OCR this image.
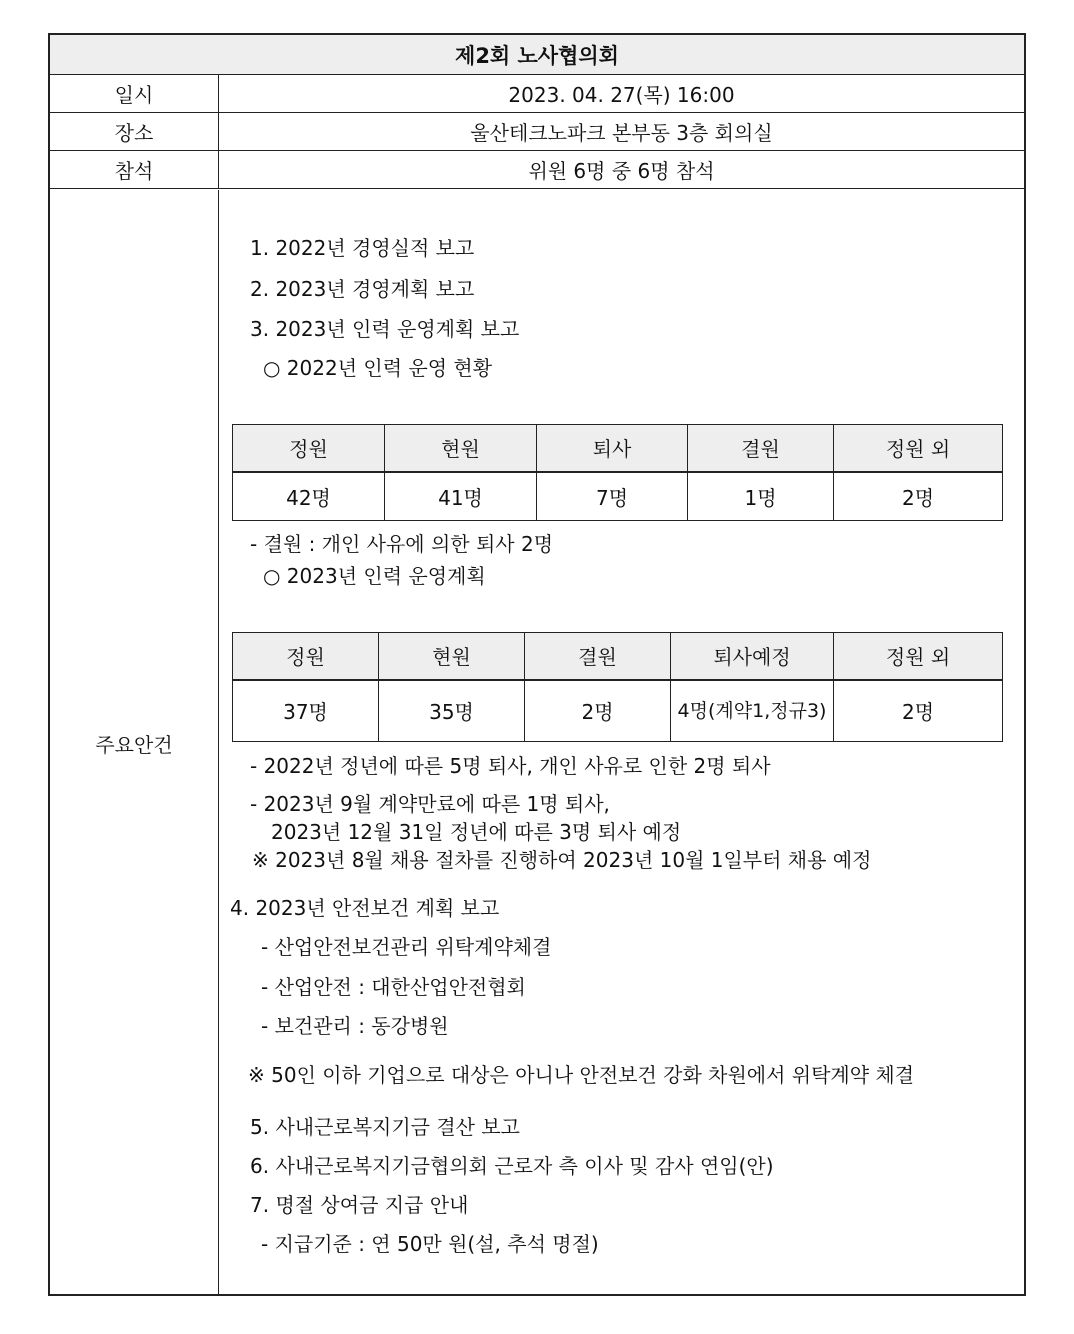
제2회 노사협의회
일시	2023. 04. 27(목) 16:00
장소	울산테크노파크 본부동 3층 회의실
참석	위원 6명 중 6명 참석
주요안건
1. 2022년 경영실적 보고
2. 2023년 경영계획 보고
3. 2023년 인력 운영계획 보고
○ 2022년 인력 운영 현황
정원	현원	퇴사	결원	정원 외
42명	41명	7명	1명	2명
- 결원 : 개인 사유에 의한 퇴사 2명
○ 2023년 인력 운영계획
정원	현원	결원	퇴사예정	정원 외
37명	35명	2명	4명(계약1,정규3)	2명
- 2022년 정년에 따른 5명 퇴사, 개인 사유로 인한 2명 퇴사
- 2023년 9월 계약만료에 따른 1명 퇴사,
2023년 12월 31일 정년에 따른 3명 퇴사 예정
※ 2023년 8월 채용 절차를 진행하여 2023년 10월 1일부터 채용 예정
4. 2023년 안전보건 계획 보고
- 산업안전보건관리 위탁계약체결
- 산업안전 : 대한산업안전협회
- 보건관리 : 동강병원
※ 50인 이하 기업으로 대상은 아니나 안전보건 강화 차원에서 위탁계약 체결
5. 사내근로복지기금 결산 보고
6. 사내근로복지기금협의회 근로자 측 이사 및 감사 연임(안)
7. 명절 상여금 지급 안내
- 지급기준 : 연 50만 원(설, 추석 명절)
